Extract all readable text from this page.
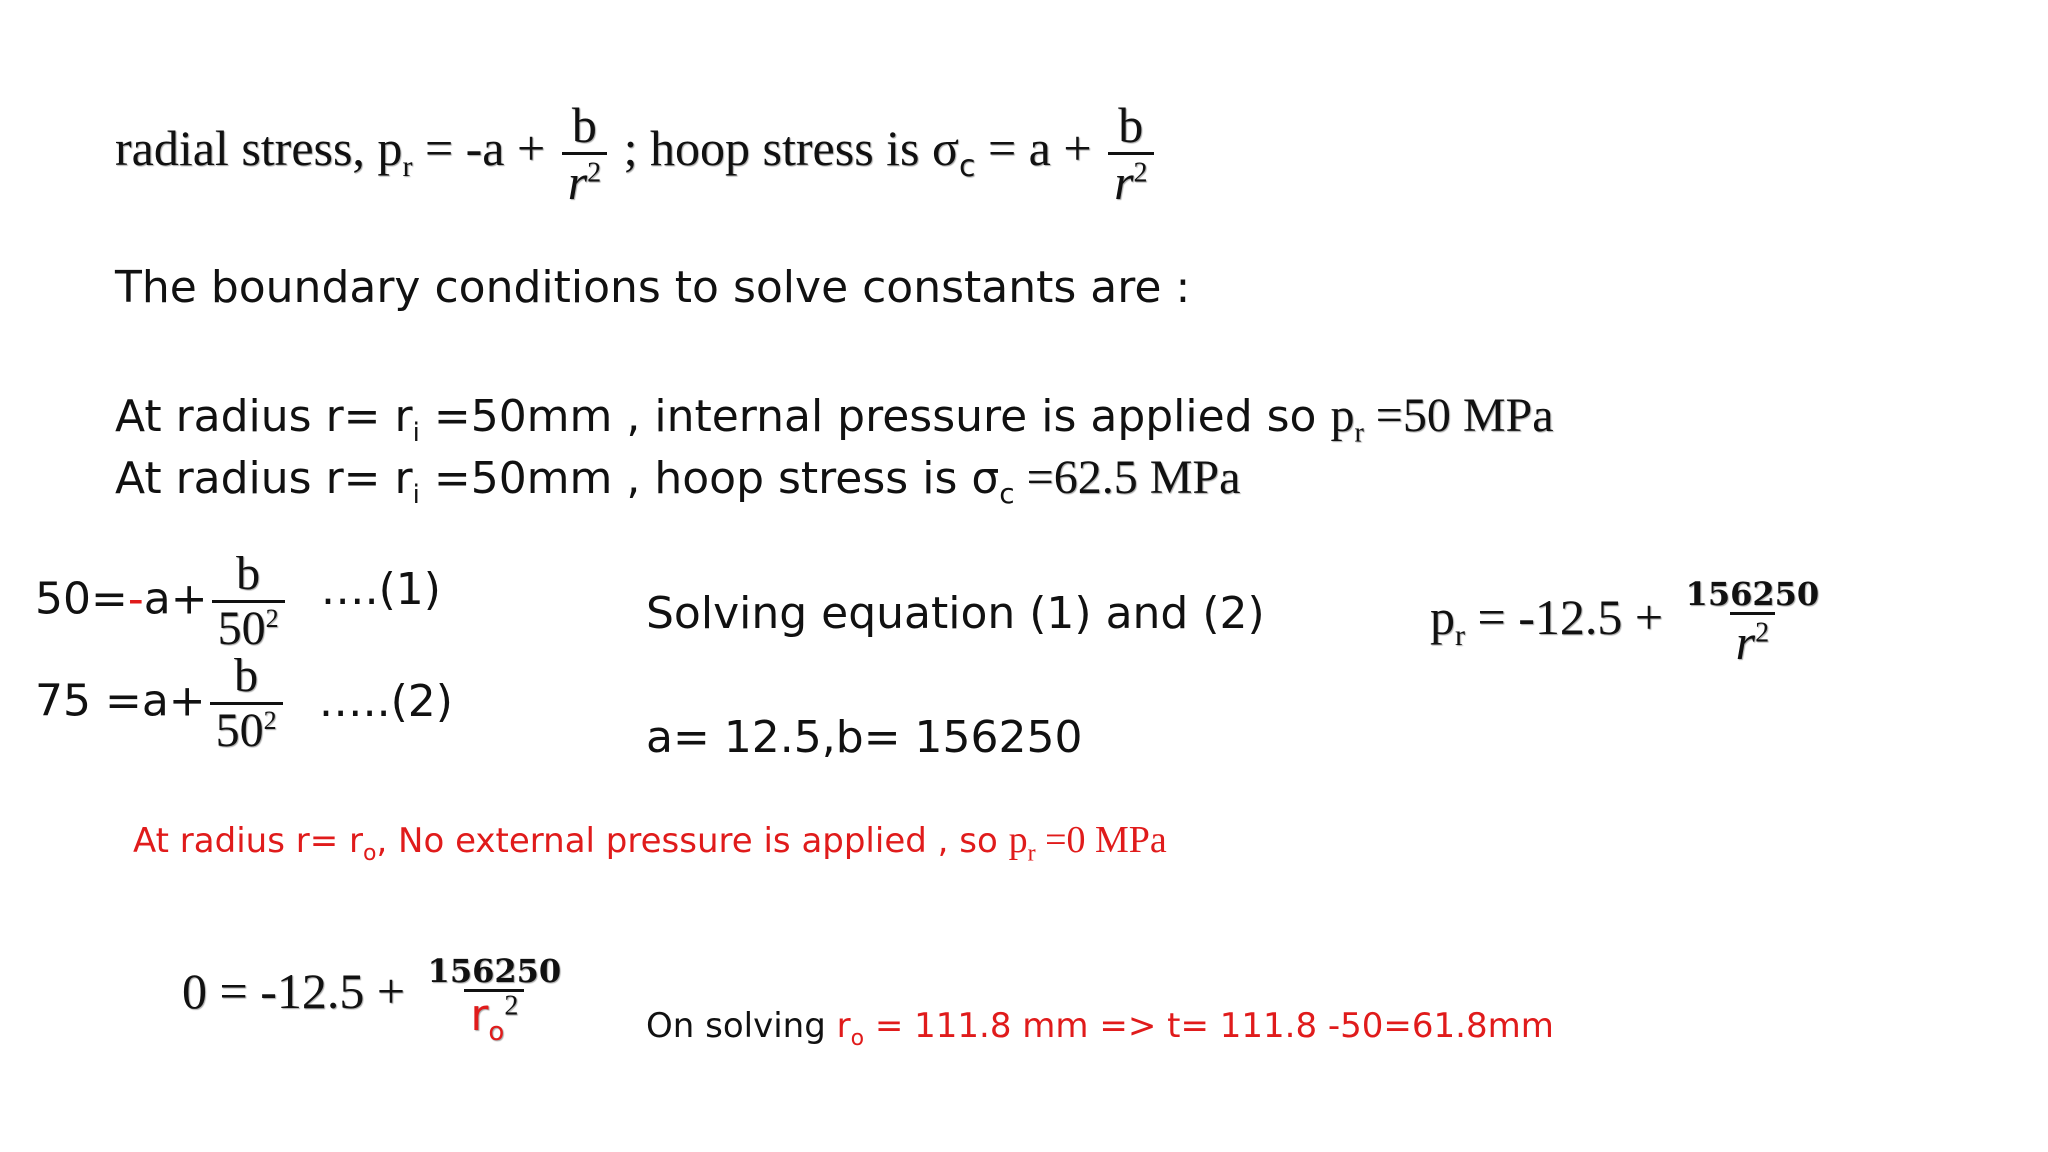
radial stress, $p_r = -a + \frac{b}{r^2}$ ; hoop stress is $\sigma_c = a + \frac{b}{r^2}$
The boundary conditions to solve constants are :
At radius $r= r_i =50mm$ , internal pressure is applied so $p_r =50$ MPa
At radius $r= r_i =50mm$ , hoop stress is $\sigma_c =62.5$ MPa
$50=-a+ \frac{b}{50^2}$ ….(1)
$75 =a+ \frac{b}{50^2}$ …..(2)
Solving equation (1) and (2)
a= 12.5,b= 156250
$p_r = -12.5 + \frac{156250}{r^2}$
At radius $r= r_o$, No external pressure is applied , so $p_r =0$ MPa
$0 = -12.5 + \frac{156250}{r_o^2}$ On solving $r_o = 111.8$ mm => t= 111.8 -50=61.8mm
